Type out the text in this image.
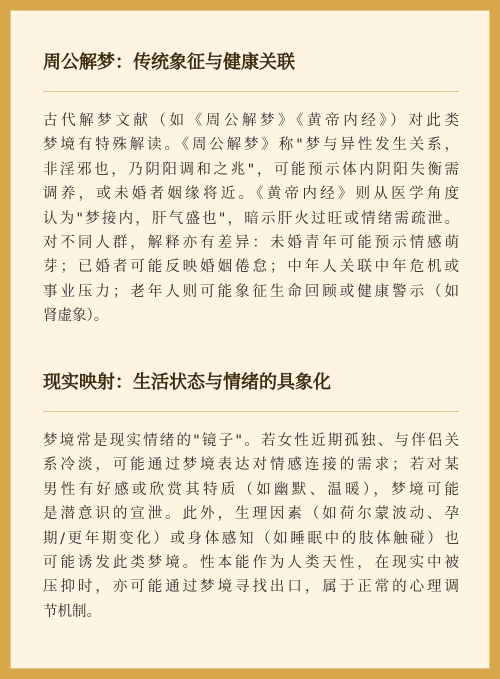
周公解梦：传统象征与健康关联

古代解梦文献（如《周公解梦》《黄帝内经》）对此类
梦境有特殊解读。《周公解梦》称"梦与异性发生关系，
非淫邪也，乃阴阳调和之兆"，可能预示体内阴阳失衡需
调养，或未婚者姻缘将近。《黄帝内经》则从医学角度
认为"梦接内，肝气盛也"，暗示肝火过旺或情绪需疏泄。
对不同人群，解释亦有差异：未婚青年可能预示情感萌
芽；已婚者可能反映婚姻倦怠；中年人关联中年危机或
事业压力；老年人则可能象征生命回顾或健康警示（如
肾虚象）。

现实映射：生活状态与情绪的具象化

梦境常是现实情绪的"镜子"。若女性近期孤独、与伴侣关
系冷淡，可能通过梦境表达对情感连接的需求；若对某
男性有好感或欣赏其特质（如幽默、温暖），梦境可能
是潜意识的宣泄。此外，生理因素（如荷尔蒙波动、孕
期/更年期变化）或身体感知（如睡眠中的肢体触碰）也
可能诱发此类梦境。性本能作为人类天性，在现实中被
压抑时，亦可能通过梦境寻找出口，属于正常的心理调
节机制。
